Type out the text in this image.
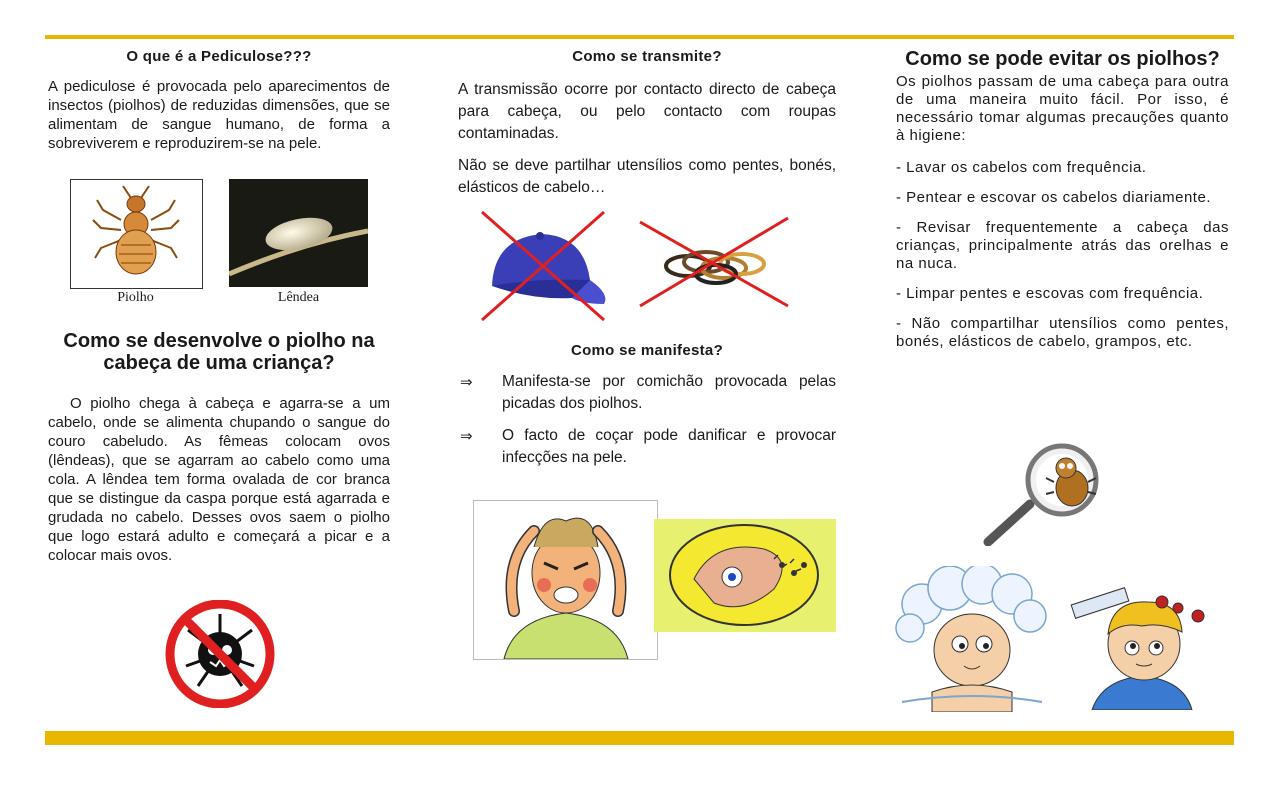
O que é a Pediculose???

A pediculose é provocada pelo aparecimentos de insectos (piolhos) de reduzidas dimensões, que se alimentam de sangue humano, de forma a sobreviverem e reproduzirem-se na pele.

Piolho	Lêndea
Como se desenvolve o piolho na cabeça de uma criança?

O piolho chega à cabeça e agarra-se a um cabelo, onde se alimenta chupando o sangue do couro cabeludo. As fêmeas colocam ovos (lêndeas), que se agarram ao cabelo como uma cola. A lêndea tem forma ovalada de cor branca que se distingue da caspa porque está agarrada e grudada no cabelo. Desses ovos saem o piolho que logo estará adulto e começará a picar e a colocar mais ovos.

Como se transmite?

A transmissão ocorre por contacto directo de cabeça para cabeça, ou pelo contacto com roupas contaminadas.

Não se deve partilhar utensílios como pentes, bonés, elásticos de cabelo…

Como se manifesta?
⇒ Manifesta-se por comichão provocada pelas picadas dos piolhos.

⇒ O facto de coçar pode danificar e provocar infecções na pele.

Como se pode evitar os piolhos?

Os piolhos passam de uma cabeça para outra de uma maneira muito fácil. Por isso, é necessário tomar algumas precauções quanto à higiene:

- Lavar os cabelos com frequência.

- Pentear e escovar os cabelos diariamente.

- Revisar frequentemente a cabeça das crianças, principalmente atrás das orelhas e na nuca.

- Limpar pentes e escovas com frequência.

- Não compartilhar utensílios como pentes, bonés, elásticos de cabelo, grampos, etc.
